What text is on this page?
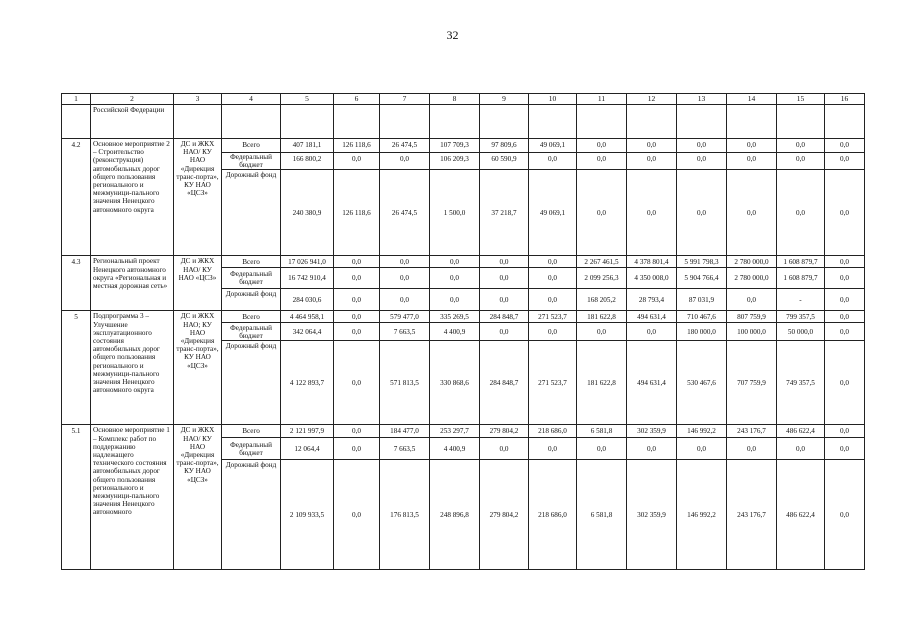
32
1	2	3	4	5	6	7	8	9	10	11	12	13	14	15	16
	Российской Федерации														
4.2	Основное мероприятие 2 – Строительство (реконструкция) автомобильных дорог общего пользования регионального и межмуници-пального значения Ненецкого автономного округа	ДС и ЖКХ НАО/ КУ НАО «Дирекция транс-порта», КУ НАО «ЦСЗ»	Всего	407 181,1	126 118,6	26 474,5	107 709,3	97 809,6	49 069,1	0,0	0,0	0,0	0,0	0,0	0,0
			Федеральный бюджет	166 800,2	0,0	0,0	106 209,3	60 590,9	0,0	0,0	0,0	0,0	0,0	0,0	0,0
			Дорожный фонд	240 380,9	126 118,6	26 474,5	1 500,0	37 218,7	49 069,1	0,0	0,0	0,0	0,0	0,0	0,0
4.3	Региональный проект Ненецкого автономного округа «Региональная и местная дорожная сеть»	ДС и ЖКХ НАО/ КУ НАО «ЦСЗ»	Всего	17 026 941,0	0,0	0,0	0,0	0,0	0,0	2 267 461,5	4 378 801,4	5 991 798,3	2 780 000,0	1 608 879,7	0,0
			Федеральный бюджет	16 742 910,4	0,0	0,0	0,0	0,0	0,0	2 099 256,3	4 350 008,0	5 904 766,4	2 780 000,0	1 608 879,7	0,0
			Дорожный фонд	284 030,6	0,0	0,0	0,0	0,0	0,0	168 205,2	28 793,4	87 031,9	0,0	-	0,0
5	Подпрограмма 3 – Улучшение эксплуатационного состояния автомобильных дорог общего пользования регионального и межмуници-пального значения Ненецкого автономного округа	ДС и ЖКХ НАО; КУ НАО «Дирекция транс-порта», КУ НАО «ЦСЗ»	Всего	4 464 958,1	0,0	579 477,0	335 269,5	284 848,7	271 523,7	181 622,8	494 631,4	710 467,6	807 759,9	799 357,5	0,0
			Федеральный бюджет	342 064,4	0,0	7 663,5	4 400,9	0,0	0,0	0,0	0,0	180 000,0	100 000,0	50 000,0	0,0
			Дорожный фонд	4 122 893,7	0,0	571 813,5	330 868,6	284 848,7	271 523,7	181 622,8	494 631,4	530 467,6	707 759,9	749 357,5	0,0
5.1	Основное мероприятие 1 – Комплекс работ по поддержанию надлежащего технического состояния автомобильных дорог общего пользования регионального и межмуници-пального значения Ненецкого автономного	ДС и ЖКХ НАО/ КУ НАО «Дирекция транс-порта», КУ НАО «ЦСЗ»	Всего	2 121 997,9	0,0	184 477,0	253 297,7	279 804,2	218 686,0	6 581,8	302 359,9	146 992,2	243 176,7	486 622,4	0,0
			Федеральный бюджет	12 064,4	0,0	7 663,5	4 400,9	0,0	0,0	0,0	0,0	0,0	0,0	0,0	0,0
			Дорожный фонд	2 109 933,5	0,0	176 813,5	248 896,8	279 804,2	218 686,0	6 581,8	302 359,9	146 992,2	243 176,7	486 622,4	0,0
